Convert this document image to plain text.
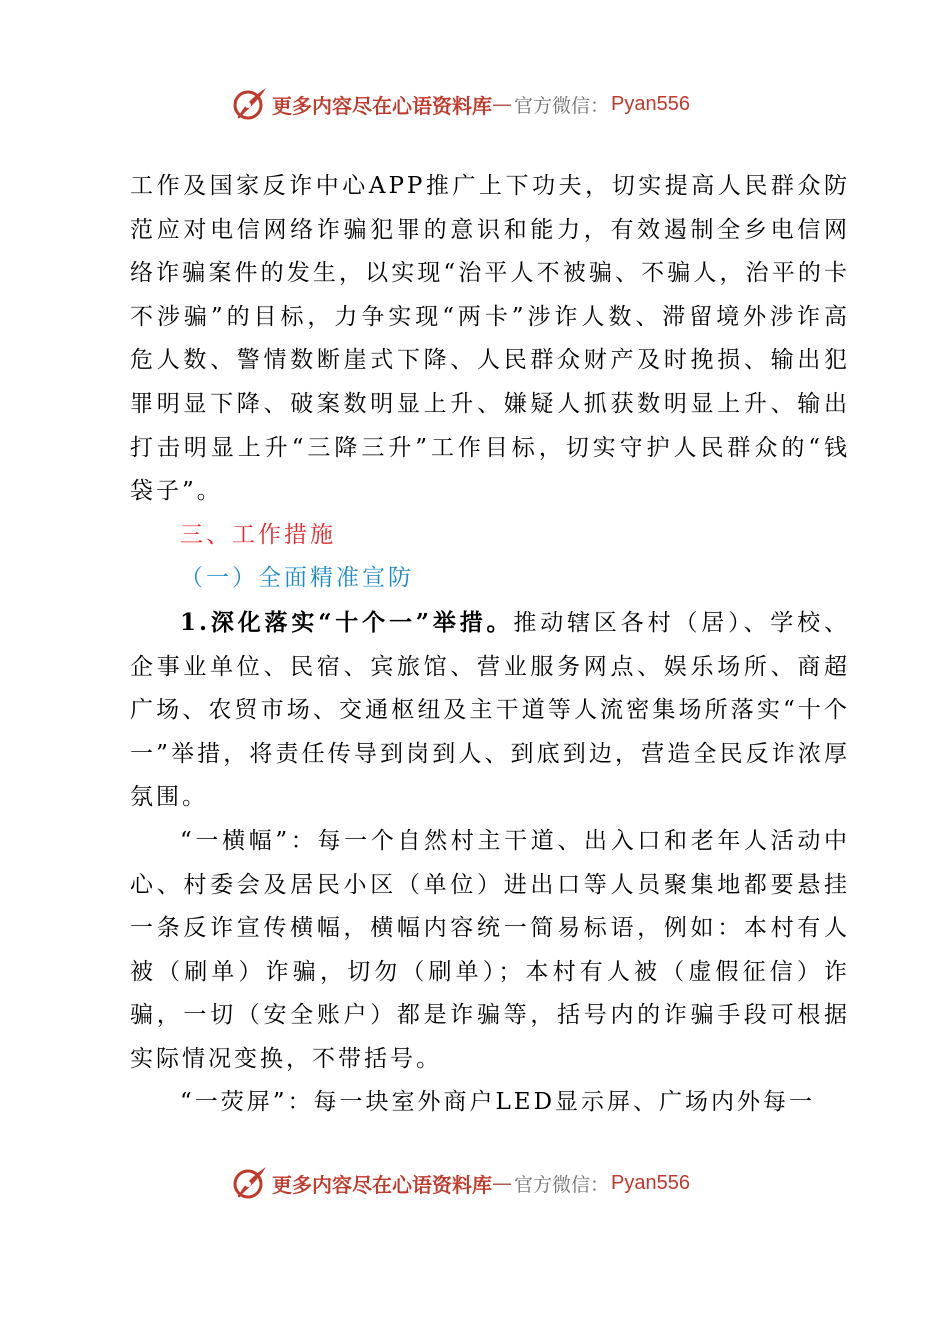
更多内容尽在心语资料库 — 官方微信： Pyan556

工作及国家反诈中心APP推广上下功夫，切实提高人民群众防范应对电信网络诈骗犯罪的意识和能力，有效遏制全乡电信网络诈骗案件的发生，以实现“治平人不被骗、不骗人，治平的卡不涉骗”的目标，力争实现“两卡”涉诈人数、滞留境外涉诈高危人数、警情数断崖式下降、人民群众财产及时挽损、输出犯罪明显下降、破案数明显上升、嫌疑人抓获数明显上升、输出打击明显上升“三降三升”工作目标，切实守护人民群众的“钱袋子”。

三、工作措施

（一）全面精准宣防

1.深化落实“十个一”举措。推动辖区各村（居）、学校、企事业单位、民宿、宾旅馆、营业服务网点、娱乐场所、商超广场、农贸市场、交通枢纽及主干道等人流密集场所落实“十个一”举措，将责任传导到岗到人、到底到边，营造全民反诈浓厚氛围。

“一横幅”：每一个自然村主干道、出入口和老年人活动中心、村委会及居民小区（单位）进出口等人员聚集地都要悬挂一条反诈宣传横幅，横幅内容统一简易标语，例如：本村有人被（刷单）诈骗，切勿（刷单）；本村有人被（虚假征信）诈骗，一切（安全账户）都是诈骗等，括号内的诈骗手段可根据实际情况变换，不带括号。

“一荧屏”：每一块室外商户LED显示屏、广场内外每一

更多内容尽在心语资料库 — 官方微信： Pyan556
